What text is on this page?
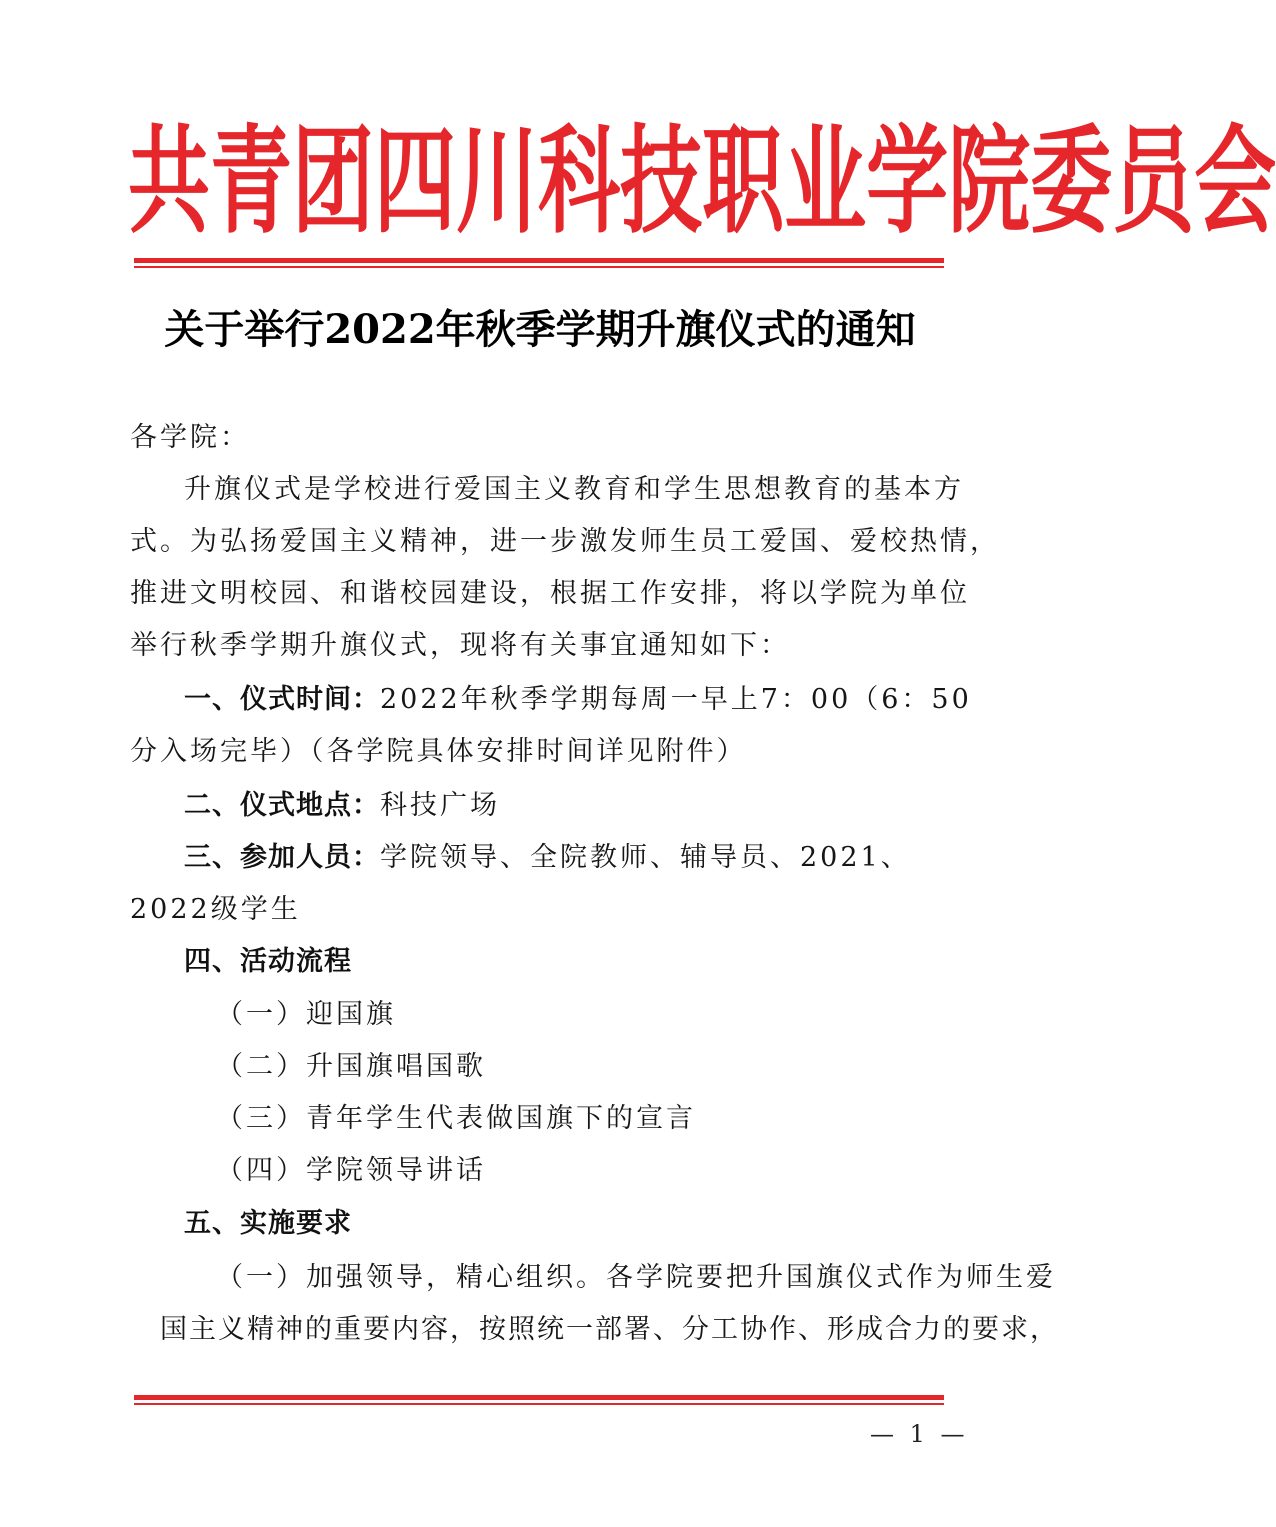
共 青 团 四 川 科 技 职 业 学 院 委 员 会
关于举行2022年秋季学期升旗仪式的通知
各学院：
升旗仪式是学校进行爱国主义教育和学生思想教育的基本方
式。为弘扬爱国主义精神，进一步激发师生员工爱国、爱校热情，
推进文明校园、和谐校园建设，根据工作安排，将以学院为单位
举行秋季学期升旗仪式，现将有关事宜通知如下：
一、仪式时间：2022年秋季学期每周一早上7：00（6：50
分入场完毕）（各学院具体安排时间详见附件）
二、仪式地点：科技广场
三、参加人员：学院领导、全院教师、辅导员、2021、
2022级学生
四、活动流程
（一）迎国旗
（二）升国旗唱国歌
（三）青年学生代表做国旗下的宣言
（四）学院领导讲话
五、实施要求
（一）加强领导，精心组织。各学院要把升国旗仪式作为师生爱
国主义精神的重要内容，按照统一部署、分工协作、形成合力的要求，
— 1 —
